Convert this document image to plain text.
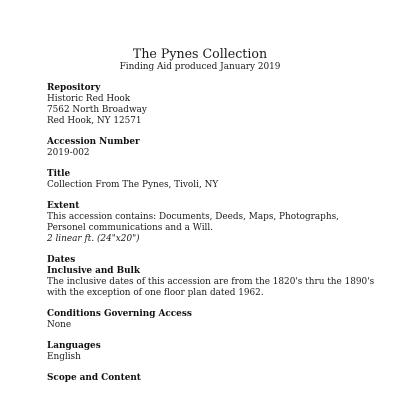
The Pynes Collection
Finding Aid produced January 2019
Repository
Historic Red Hook
7562 North Broadway
Red Hook, NY 12571
Accession Number
2019-002
Title
Collection From The Pynes, Tivoli, NY
Extent
This accession contains: Documents, Deeds, Maps, Photographs, Personel communications and a Will.
2 linear ft. (24"x20")
Dates
Inclusive and Bulk
The inclusive dates of this accession are from the 1820's thru the 1890's with the exception of one floor plan dated 1962.
Conditions Governing Access
None
Languages
English
Scope and Content
